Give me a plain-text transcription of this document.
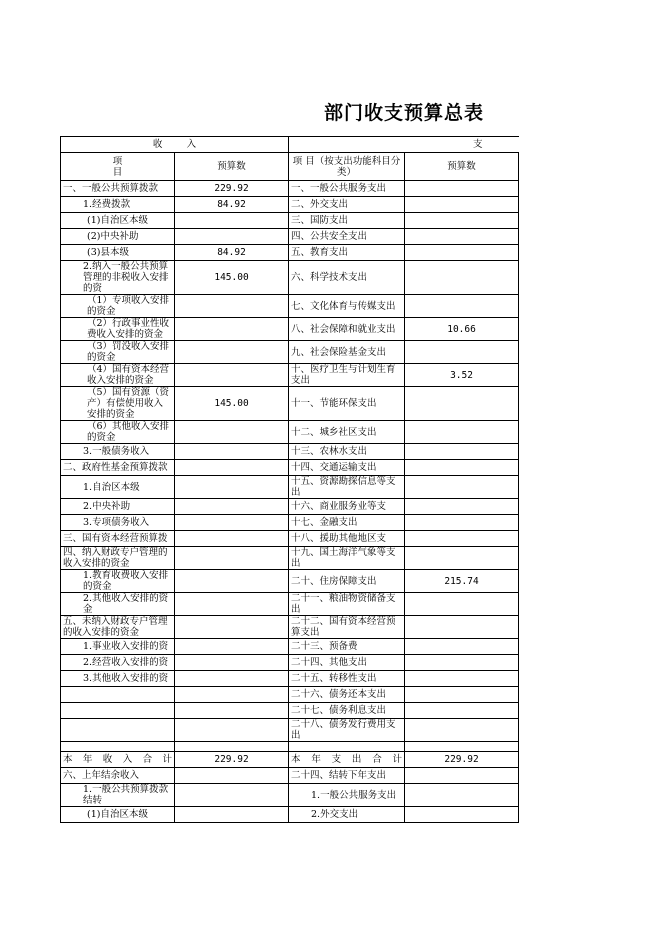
部门收支预算总表
收        入		支	
项
目	预算数	项 目（按支出功能科目分类）	预算数
一、一般公共预算拨款	229.92	一、一般公共服务支出	
1.经费拨款	84.92	二、外交支出	
(1)自治区本级		三、国防支出	
(2)中央补助		四、公共安全支出	
(3)县本级	84.92	五、教育支出	
2.纳入一般公共预算管理的非税收入安排的资	145.00	六、科学技术支出	
（1）专项收入安排的资金		七、文化体育与传媒支出	
（2）行政事业性收费收入安排的资金		八、社会保障和就业支出	10.66
（3）罚没收入安排的资金		九、社会保险基金支出	
（4）国有资本经营收入安排的资金		十、医疗卫生与计划生育支出	3.52
（5）国有资源（资产）有偿使用收入安排的资金	145.00	十一、节能环保支出	
（6）其他收入安排的资金		十二、城乡社区支出	
3.一般债务收入		十三、农林水支出	
二、政府性基金预算拨款		十四、交通运输支出	
1.自治区本级		十五、资源勘探信息等支出	
2.中央补助		十六、商业服务业等支	
3.专项债务收入		十七、金融支出	
三、国有资本经营预算拨		十八、援助其他地区支	
四、纳入财政专户管理的收入安排的资金		十九、国土海洋气象等支出	
1.教育收费收入安排的资金		二十、住房保障支出	215.74
2.其他收入安排的资金		二十一、粮油物资储备支出	
五、未纳入财政专户管理的收入安排的资金		二十二、国有资本经营预算支出	
1.事业收入安排的资		二十三、预备费	
2.经营收入安排的资		二十四、其他支出	
3.其他收入安排的资		二十五、转移性支出	
		二十六、债务还本支出	
		二十七、债务利息支出	
		二十八、债务发行费用支出	

本年收入合计	229.92	本年支出合计	229.92
六、上年结余收入		二十四、结转下年支出	
1.一般公共预算拨款结转		1.一般公共服务支出	
(1)自治区本级		2.外交支出	
